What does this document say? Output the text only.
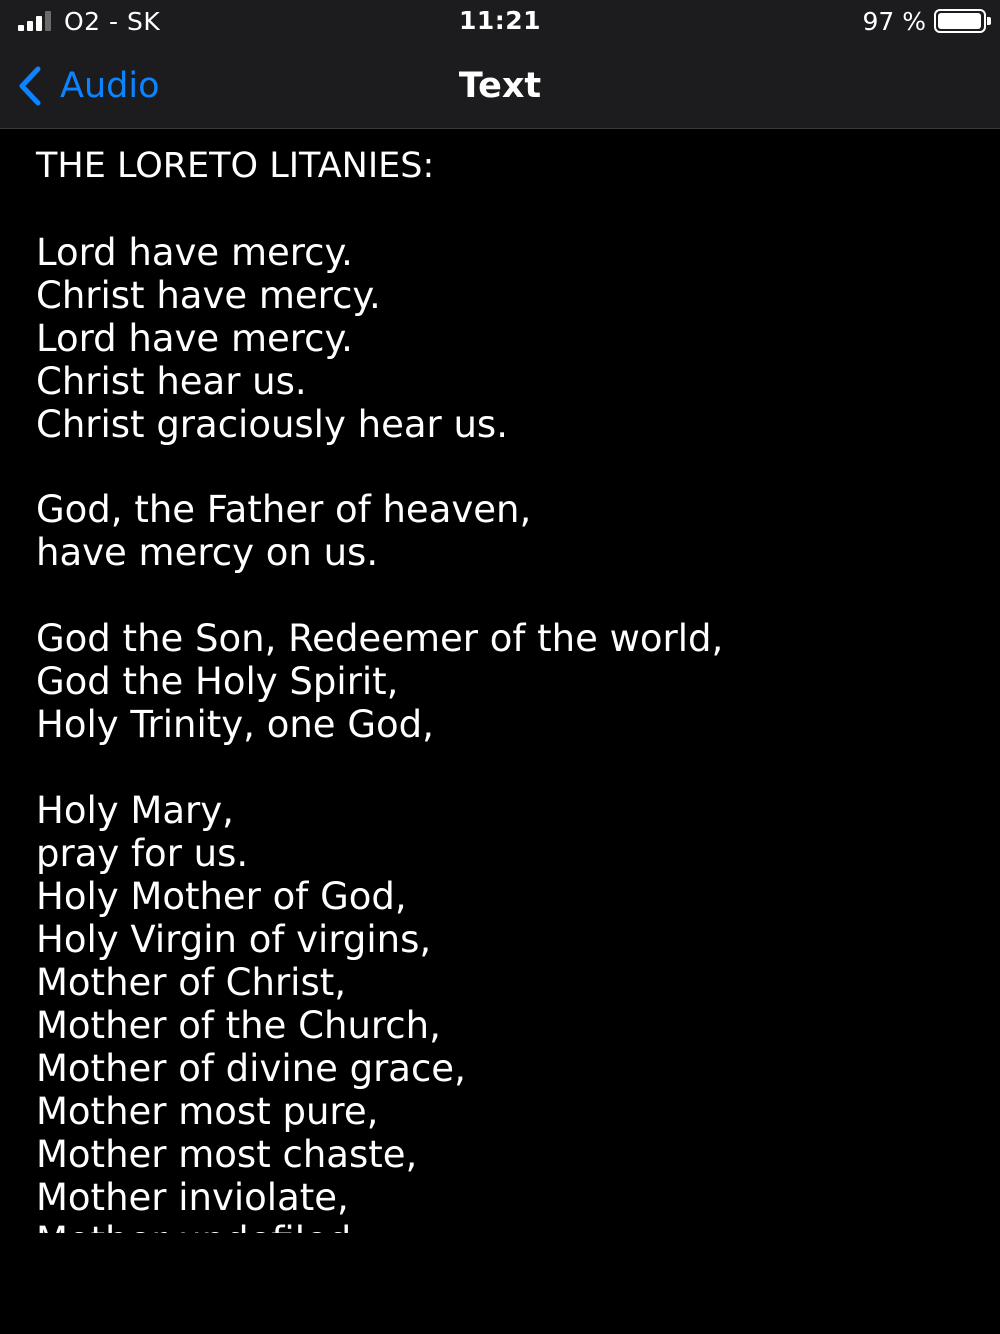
O2 - SK	11:21	97 %
Audio	Text
THE LORETO LITANIES:
Lord have mercy.
Christ have mercy.
Lord have mercy.
Christ hear us.
Christ graciously hear us.
God, the Father of heaven,
have mercy on us.
God the Son, Redeemer of the world,
God the Holy Spirit,
Holy Trinity, one God,
Holy Mary,
pray for us.
Holy Mother of God,
Holy Virgin of virgins,
Mother of Christ,
Mother of the Church,
Mother of divine grace,
Mother most pure,
Mother most chaste,
Mother inviolate,
